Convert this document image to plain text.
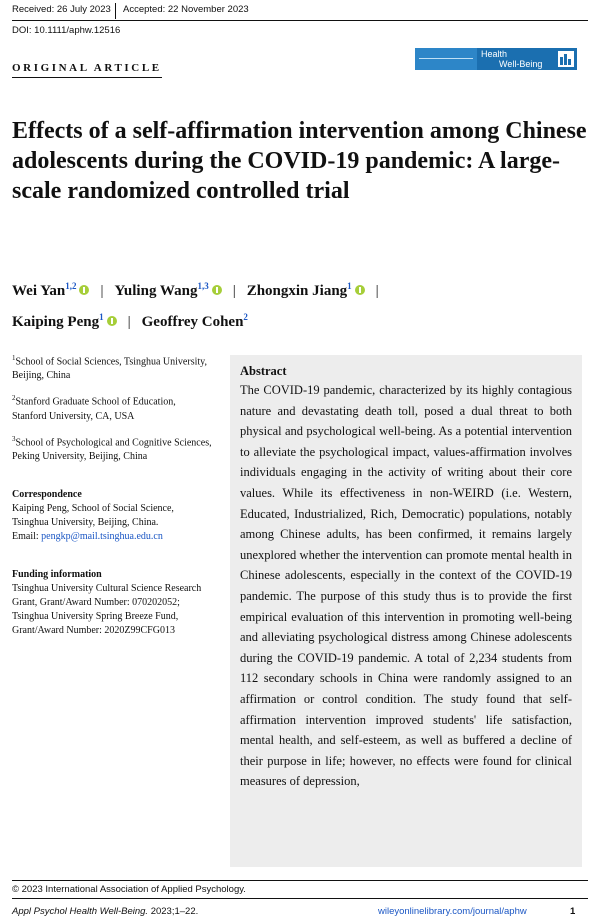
Received: 26 July 2023 Accepted: 22 November 2023
DOI: 10.1111/aphw.12516
ORIGINAL ARTICLE
Health
Well-Being
Effects of a self-affirmation intervention among Chinese adolescents during the COVID-19 pandemic: A large-scale randomized controlled trial
Wei Yan$^{1,2}$ | Yuling Wang$^{1,3}$ | Zhongxin Jiang$^1$ |
Kaiping Peng$^1$ | Geoffrey Cohen$^2$

$^1$School of Social Sciences, Tsinghua University, Beijing, China

$^2$Stanford Graduate School of Education, Stanford University, CA, USA

$^3$School of Psychological and Cognitive Sciences, Peking University, Beijing, China

Correspondence

Kaiping Peng, School of Social Science, Tsinghua University, Beijing, China.
Email: pengkp@mail.tsinghua.edu.cn

Funding information

Tsinghua University Cultural Science Research Grant, Grant/Award Number: 070202052; Tsinghua University Spring Breeze Fund, Grant/Award Number: 2020Z99CFG013

Abstract

The COVID-19 pandemic, characterized by its highly contagious nature and devastating death toll, posed a dual threat to both physical and psychological well-being. As a potential intervention to alleviate the psychological impact, values-affirmation involves individuals engaging in the activity of writing about their core values. While its effectiveness in non-WEIRD (i.e. Western, Educated, Industrialized, Rich, Democratic) populations, notably among Chinese adults, has been confirmed, it remains largely unexplored whether the intervention can promote mental health in Chinese adolescents, especially in the context of the COVID-19 pandemic. The purpose of this study thus is to provide the first empirical evaluation of this intervention in promoting well-being and alleviating psychological distress among Chinese adolescents during the COVID-19 pandemic. A total of 2,234 students from 112 secondary schools in China were randomly assigned to an affirmation or control condition. The study found that self-affirmation intervention improved students' life satisfaction, mental health, and self-esteem, as well as buffered a decline of their purpose in life; however, no effects were found for clinical measures of depression,

© 2023 International Association of Applied Psychology.
Appl Psychol Health Well-Being. 2023;1–22.	wileyonlinelibrary.com/journal/aphw	1
